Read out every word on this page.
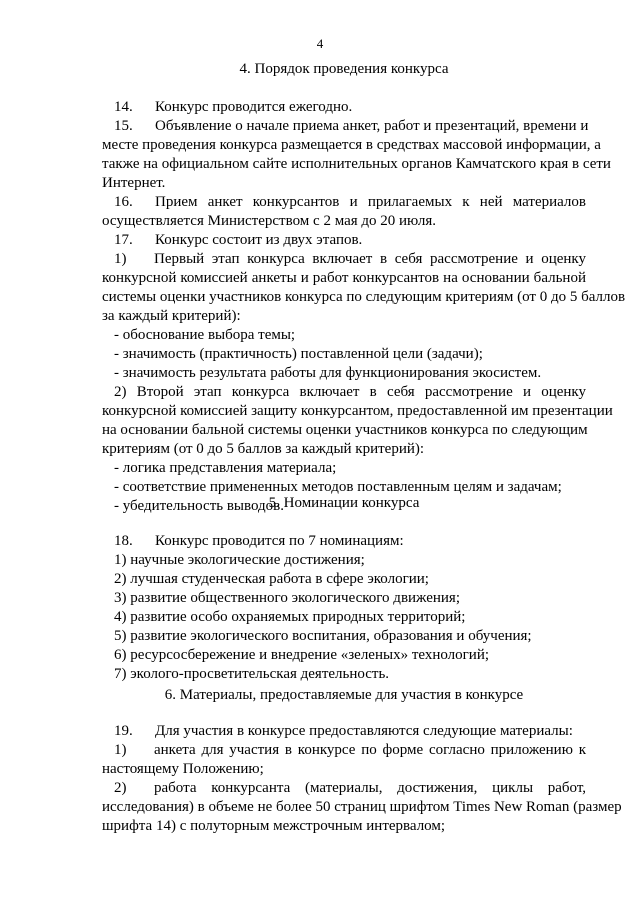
4
4. Порядок проведения конкурса
14. Конкурс проводится ежегодно.
15. Объявление о начале приема анкет, работ и презентаций, времени и
месте проведения конкурса размещается в средствах массовой информации, а
также на официальном сайте исполнительных органов Камчатского края в сети
Интернет.
16. Прием анкет конкурсантов и прилагаемых к ней материалов
осуществляется Министерством с 2 мая до 20 июля.
17. Конкурс состоит из двух этапов.
1) Первый этап конкурса включает в себя рассмотрение и оценку
конкурсной комиссией анкеты и работ конкурсантов на основании бальной
системы оценки участников конкурса по следующим критериям (от 0 до 5 баллов
за каждый критерий):
- обоснование выбора темы;
- значимость (практичность) поставленной цели (задачи);
- значимость результата работы для функционирования экосистем.
2) Второй этап конкурса включает в себя рассмотрение и оценку
конкурсной комиссией защиту конкурсантом, предоставленной им презентации
на основании бальной системы оценки участников конкурса по следующим
критериям (от 0 до 5 баллов за каждый критерий):
- логика представления материала;
- соответствие примененных методов поставленным целям и задачам;
- убедительность выводов.
5. Номинации конкурса
18. Конкурс проводится по 7 номинациям:
1) научные экологические достижения;
2) лучшая студенческая работа в сфере экологии;
3) развитие общественного экологического движения;
4) развитие особо охраняемых природных территорий;
5) развитие экологического воспитания, образования и обучения;
6) ресурсосбережение и внедрение «зеленых» технологий;
7) эколого-просветительская деятельность.
6. Материалы, предоставляемые для участия в конкурсе
19. Для участия в конкурсе предоставляются следующие материалы:
1) анкета для участия в конкурсе по форме согласно приложению к
настоящему Положению;
2) работа конкурсанта (материалы, достижения, циклы работ,
исследования) в объеме не более 50 страниц шрифтом Times New Roman (размер
шрифта 14) с полуторным межстрочным интервалом;
